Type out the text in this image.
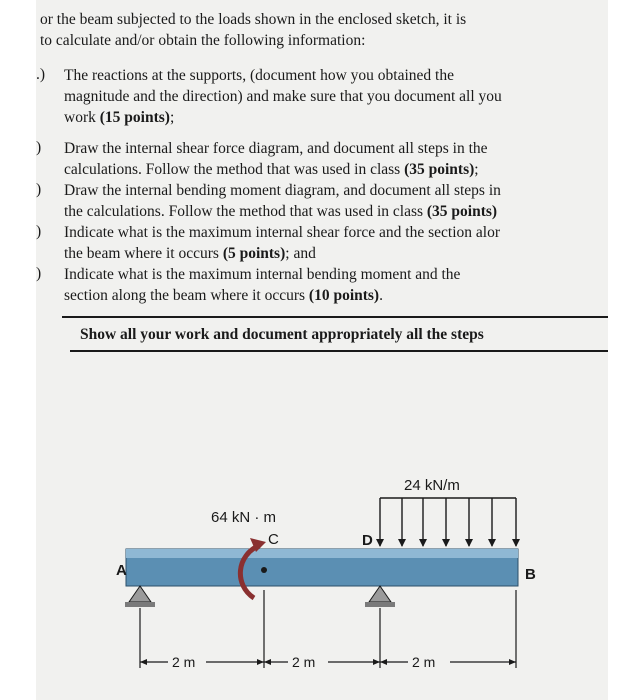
or the beam subjected to the loads shown in the enclosed sketch, it is
to calculate and/or obtain the following information:
.) The reactions at the supports, (document how you obtained the
magnitude and the direction) and make sure that you document all you
work (15 points);
) Draw the internal shear force diagram, and document all steps in the
calculations. Follow the method that was used in class (35 points);
) Draw the internal bending moment diagram, and document all steps in
the calculations. Follow the method that was used in class (35 points)
) Indicate what is the maximum internal shear force and the section alor
the beam where it occurs (5 points); and
) Indicate what is the maximum internal bending moment and the
section along the beam where it occurs (10 points).
Show all your work and document appropriately all the steps
24 kN/m
64 kN · m
C	D
A	B
2 m	2 m	2 m
